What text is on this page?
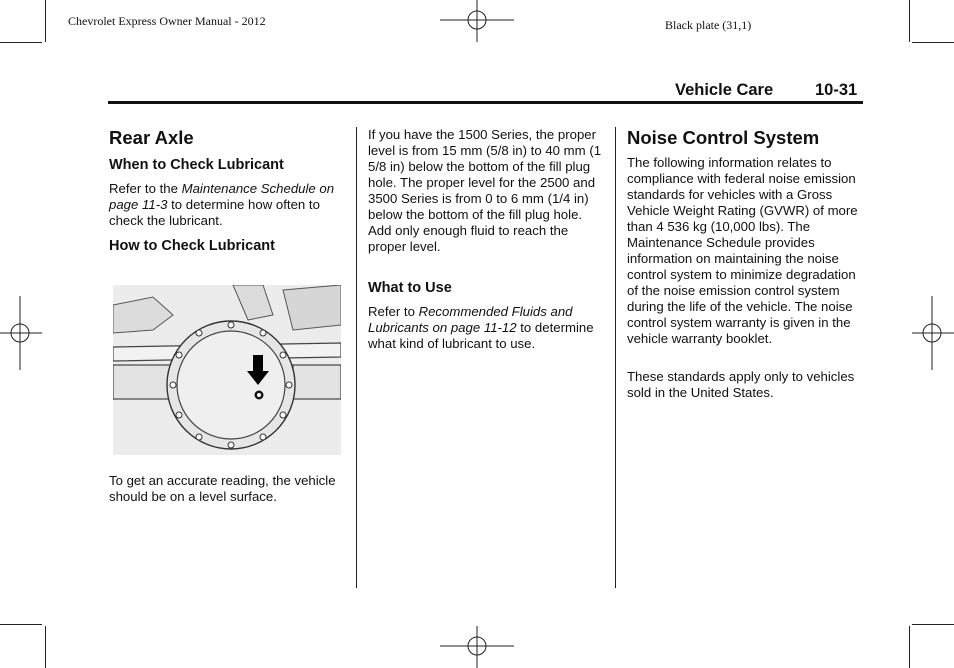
Chevrolet Express Owner Manual - 2012	Black plate (31,1)
Vehicle Care	10-31
Rear Axle
When to Check Lubricant

Refer to the Maintenance Schedule on page 11-3 to determine how often to check the lubricant.

How to Check Lubricant

To get an accurate reading, the vehicle should be on a level surface.

If you have the 1500 Series, the proper level is from 15 mm (5/8 in) to 40 mm (1 5/8 in) below the bottom of the fill plug hole. The proper level for the 2500 and 3500 Series is from 0 to 6 mm (1/4 in) below the bottom of the fill plug hole. Add only enough fluid to reach the proper level.

What to Use

Refer to Recommended Fluids and Lubricants on page 11-12 to determine what kind of lubricant to use.

Noise Control System

The following information relates to compliance with federal noise emission standards for vehicles with a Gross Vehicle Weight Rating (GVWR) of more than 4 536 kg (10,000 lbs). The Maintenance Schedule provides information on maintaining the noise control system to minimize degradation of the noise emission control system during the life of the vehicle. The noise control system warranty is given in the vehicle warranty booklet.

These standards apply only to vehicles sold in the United States.
